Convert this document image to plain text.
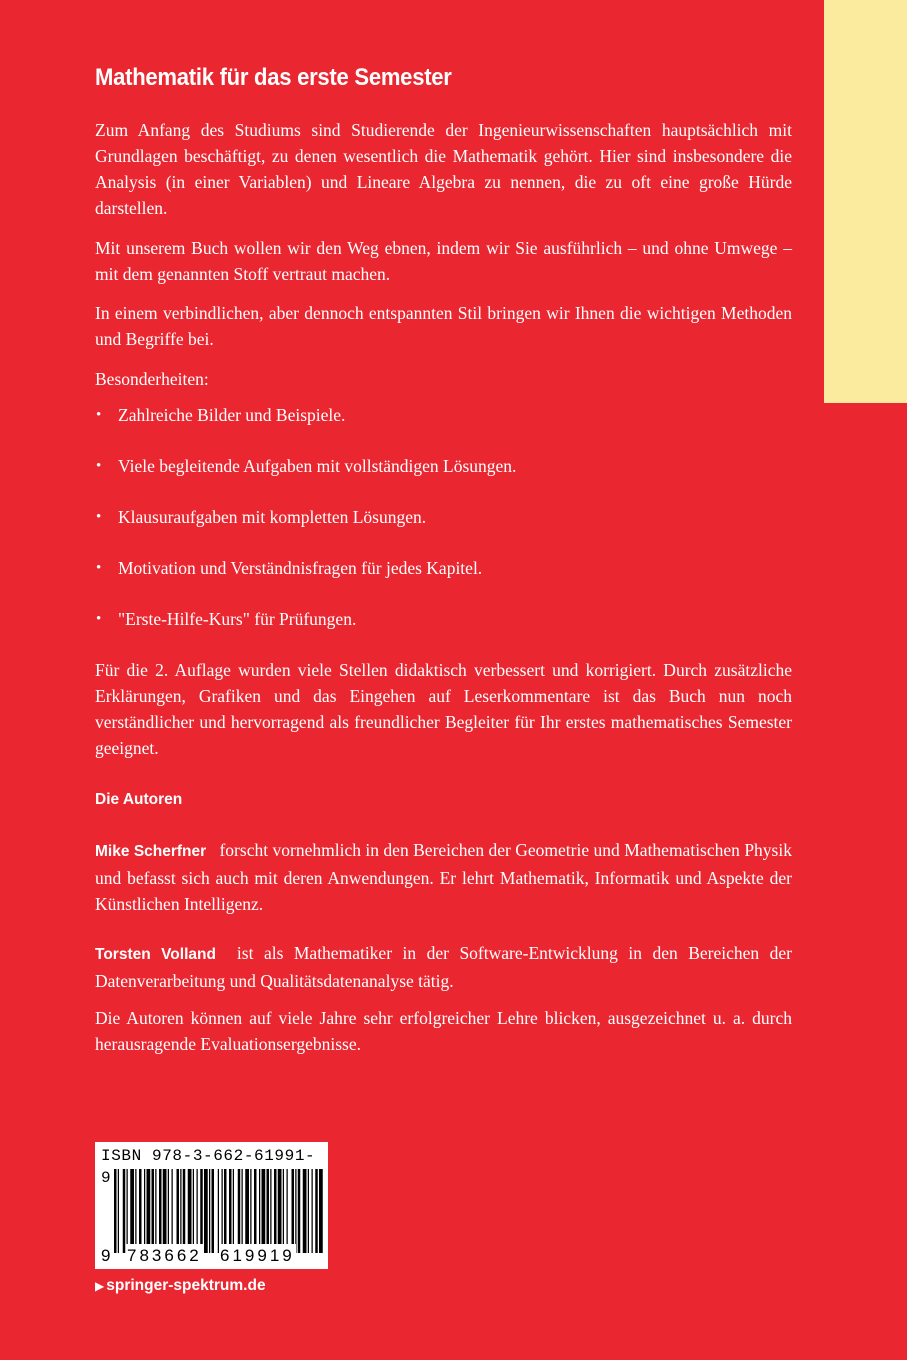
Mathematik für das erste Semester

Zum Anfang des Studiums sind Studierende der Ingenieurwissenschaften hauptsächlich mit Grundlagen beschäftigt, zu denen wesentlich die Mathematik gehört. Hier sind insbesondere die Analysis (in einer Variablen) und Lineare Algebra zu nennen, die zu oft eine große Hürde darstellen.

Mit unserem Buch wollen wir den Weg ebnen, indem wir Sie ausführlich – und ohne Umwege – mit dem genannten Stoff vertraut machen.

In einem verbindlichen, aber dennoch entspannten Stil bringen wir Ihnen die wichtigen Methoden und Begriffe bei.

Besonderheiten:

• Zahlreiche Bilder und Beispiele.
• Viele begleitende Aufgaben mit vollständigen Lösungen.
• Klausuraufgaben mit kompletten Lösungen.
• Motivation und Verständnisfragen für jedes Kapitel.
• "Erste-Hilfe-Kurs" für Prüfungen.

Für die 2. Auflage wurden viele Stellen didaktisch verbessert und korrigiert. Durch zusätzliche Erklärungen, Grafiken und das Eingehen auf Leserkommentare ist das Buch nun noch verständlicher und hervorragend als freundlicher Begleiter für Ihr erstes mathematisches Semester geeignet.

Die Autoren

Mike Scherfner forscht vornehmlich in den Bereichen der Geometrie und Mathematischen Physik und befasst sich auch mit deren Anwendungen. Er lehrt Mathematik, Informatik und Aspekte der Künstlichen Intelligenz.

Torsten Volland ist als Mathematiker in der Software-Entwicklung in den Bereichen der Datenverarbeitung und Qualitätsdatenanalyse tätig.

Die Autoren können auf viele Jahre sehr erfolgreicher Lehre blicken, ausgezeichnet u. a. durch herausragende Evaluationsergebnisse.

ISBN 978-3-662-61991-9
9 783662 619919

▶ springer-spektrum.de
